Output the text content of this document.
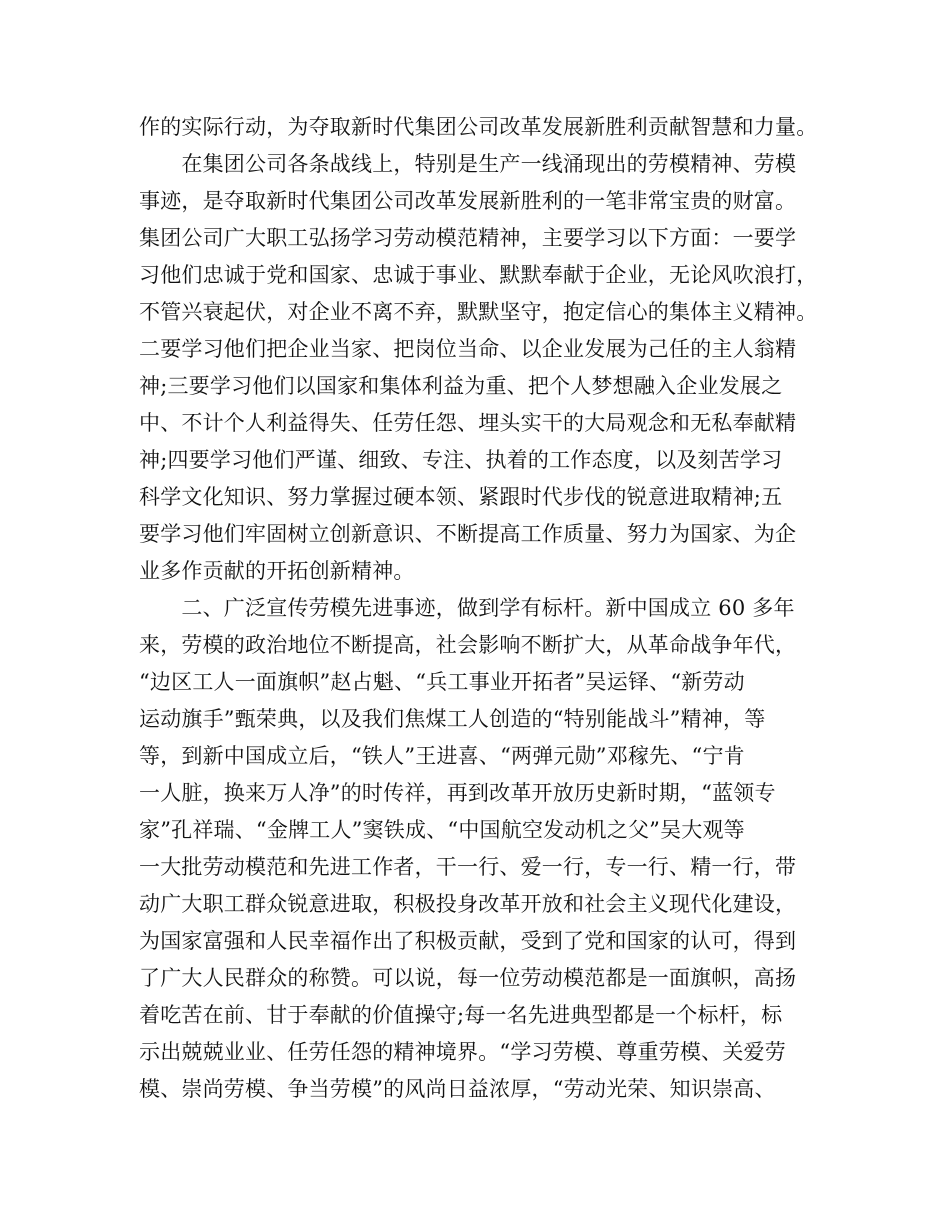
作的实际行动，为夺取新时代集团公司改革发展新胜利贡献智慧和力量。
　　在集团公司各条战线上，特别是生产一线涌现出的劳模精神、劳模
事迹，是夺取新时代集团公司改革发展新胜利的一笔非常宝贵的财富。
集团公司广大职工弘扬学习劳动模范精神，主要学习以下方面：一要学
习他们忠诚于党和国家、忠诚于事业、默默奉献于企业，无论风吹浪打，
不管兴衰起伏，对企业不离不弃，默默坚守，抱定信心的集体主义精神。
二要学习他们把企业当家、把岗位当命、以企业发展为己任的主人翁精
神;三要学习他们以国家和集体利益为重、把个人梦想融入企业发展之
中、不计个人利益得失、任劳任怨、埋头实干的大局观念和无私奉献精
神;四要学习他们严谨、细致、专注、执着的工作态度，以及刻苦学习
科学文化知识、努力掌握过硬本领、紧跟时代步伐的锐意进取精神;五
要学习他们牢固树立创新意识、不断提高工作质量、努力为国家、为企
业多作贡献的开拓创新精神。
　　二、广泛宣传劳模先进事迹，做到学有标杆。新中国成立 60 多年
来，劳模的政治地位不断提高，社会影响不断扩大，从革命战争年代，
“边区工人一面旗帜”赵占魁、“兵工事业开拓者”吴运铎、“新劳动
运动旗手”甄荣典，以及我们焦煤工人创造的“特别能战斗”精神，等
等，到新中国成立后，“铁人”王进喜、“两弹元勋”邓稼先、“宁肯
一人脏，换来万人净”的时传祥，再到改革开放历史新时期，“蓝领专
家”孔祥瑞、“金牌工人”窦铁成、“中国航空发动机之父”吴大观等
一大批劳动模范和先进工作者，干一行、爱一行，专一行、精一行，带
动广大职工群众锐意进取，积极投身改革开放和社会主义现代化建设，
为国家富强和人民幸福作出了积极贡献，受到了党和国家的认可，得到
了广大人民群众的称赞。可以说，每一位劳动模范都是一面旗帜，高扬
着吃苦在前、甘于奉献的价值操守;每一名先进典型都是一个标杆，标
示出兢兢业业、任劳任怨的精神境界。“学习劳模、尊重劳模、关爱劳
模、崇尚劳模、争当劳模”的风尚日益浓厚，“劳动光荣、知识崇高、
